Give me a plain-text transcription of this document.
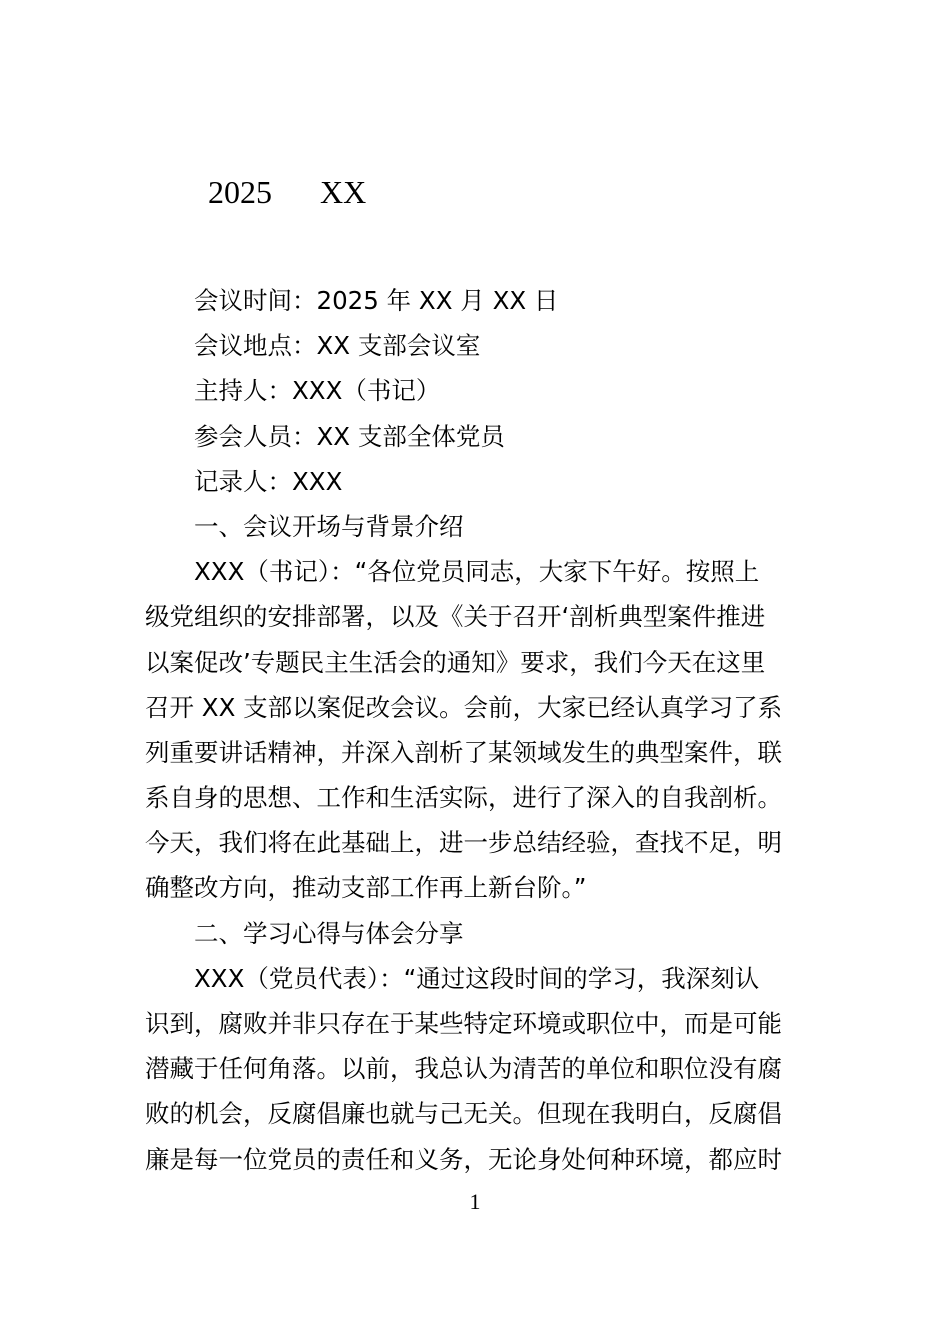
2025      XX
会议时间：2025 年 XX 月 XX 日
会议地点：XX 支部会议室
主持人：XXX（书记）
参会人员：XX 支部全体党员
记录人：XXX
一、会议开场与背景介绍
XXX（书记）：“各位党员同志，大家下午好。按照上
级党组织的安排部署，以及《关于召开‘剖析典型案件推进
以案促改’专题民主生活会的通知》要求，我们今天在这里
召开 XX 支部以案促改会议。会前，大家已经认真学习了系
列重要讲话精神，并深入剖析了某领域发生的典型案件，联
系自身的思想、工作和生活实际，进行了深入的自我剖析。
今天，我们将在此基础上，进一步总结经验，查找不足，明
确整改方向，推动支部工作再上新台阶。”
二、学习心得与体会分享
XXX（党员代表）：“通过这段时间的学习，我深刻认
识到，腐败并非只存在于某些特定环境或职位中，而是可能
潜藏于任何角落。以前，我总认为清苦的单位和职位没有腐
败的机会，反腐倡廉也就与己无关。但现在我明白，反腐倡
廉是每一位党员的责任和义务，无论身处何种环境，都应时
1
